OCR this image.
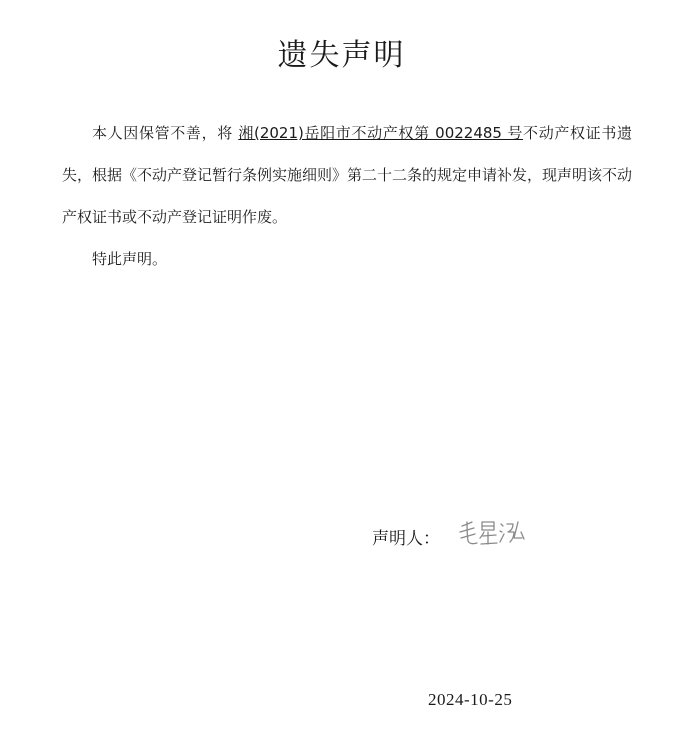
遗失声明

本人因保管不善，将 湘(2021)岳阳市不动产权第 0022485 号不动产权证书遗失，根据《不动产登记暂行条例实施细则》第二十二条的规定申请补发，现声明该不动产权证书或不动产登记证明作废。

特此声明。

声明人：
2024-10-25
